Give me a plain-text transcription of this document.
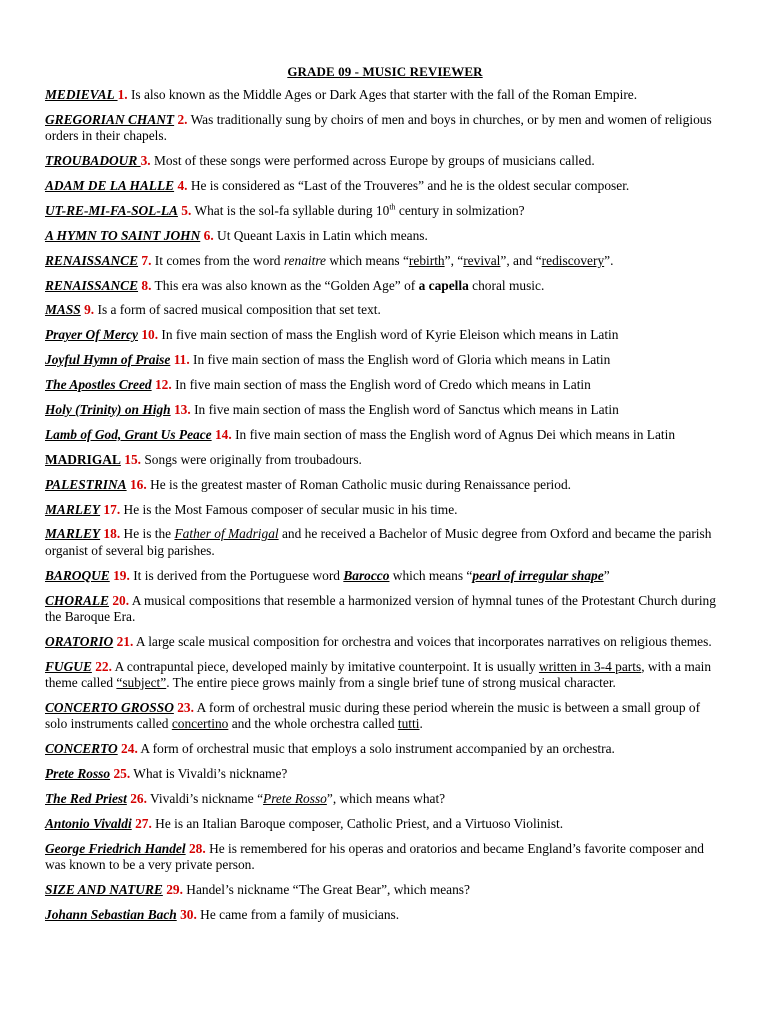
GRADE 09 - MUSIC REVIEWER
MEDIEVAL 1. Is also known as the Middle Ages or Dark Ages that starter with the fall of the Roman Empire.
GREGORIAN CHANT 2. Was traditionally sung by choirs of men and boys in churches, or by men and women of religious orders in their chapels.
TROUBADOUR 3. Most of these songs were performed across Europe by groups of musicians called.
ADAM DE LA HALLE 4. He is considered as “Last of the Trouveres” and he is the oldest secular composer.
UT-RE-MI-FA-SOL-LA 5. What is the sol-fa syllable during 10th century in solmization?
A HYMN TO SAINT JOHN 6. Ut Queant Laxis in Latin which means.
RENAISSANCE 7. It comes from the word renaitre which means “rebirth”, “revival”, and “rediscovery”.
RENAISSANCE 8. This era was also known as the “Golden Age” of a capella choral music.
MASS 9. Is a form of sacred musical composition that set text.
Prayer Of Mercy 10. In five main section of mass the English word of Kyrie Eleison which means in Latin
Joyful Hymn of Praise 11. In five main section of mass the English word of Gloria which means in Latin
The Apostles Creed 12. In five main section of mass the English word of Credo which means in Latin
Holy (Trinity) on High 13. In five main section of mass the English word of Sanctus which means in Latin
Lamb of God, Grant Us Peace 14. In five main section of mass the English word of Agnus Dei which means in Latin
MADRIGAL 15. Songs were originally from troubadours.
PALESTRINA 16. He is the greatest master of Roman Catholic music during Renaissance period.
MARLEY 17. He is the Most Famous composer of secular music in his time.
MARLEY 18. He is the Father of Madrigal and he received a Bachelor of Music degree from Oxford and became the parish organist of several big parishes.
BAROQUE 19. It is derived from the Portuguese word Barocco which means “pearl of irregular shape”
CHORALE 20. A musical compositions that resemble a harmonized version of hymnal tunes of the Protestant Church during the Baroque Era.
ORATORIO 21. A large scale musical composition for orchestra and voices that incorporates narratives on religious themes.
FUGUE 22. A contrapuntal piece, developed mainly by imitative counterpoint. It is usually written in 3-4 parts, with a main theme called “subject”. The entire piece grows mainly from a single brief tune of strong musical character.
CONCERTO GROSSO 23. A form of orchestral music during these period wherein the music is between a small group of solo instruments called concertino and the whole orchestra called tutti.
CONCERTO 24. A form of orchestral music that employs a solo instrument accompanied by an orchestra.
Prete Rosso 25. What is Vivaldi’s nickname?
The Red Priest 26. Vivaldi’s nickname “Prete Rosso”, which means what?
Antonio Vivaldi 27. He is an Italian Baroque composer, Catholic Priest, and a Virtuoso Violinist.
George Friedrich Handel 28. He is remembered for his operas and oratorios and became England’s favorite composer and was known to be a very private person.
SIZE AND NATURE 29. Handel’s nickname “The Great Bear”, which means?
Johann Sebastian Bach 30. He came from a family of musicians.
